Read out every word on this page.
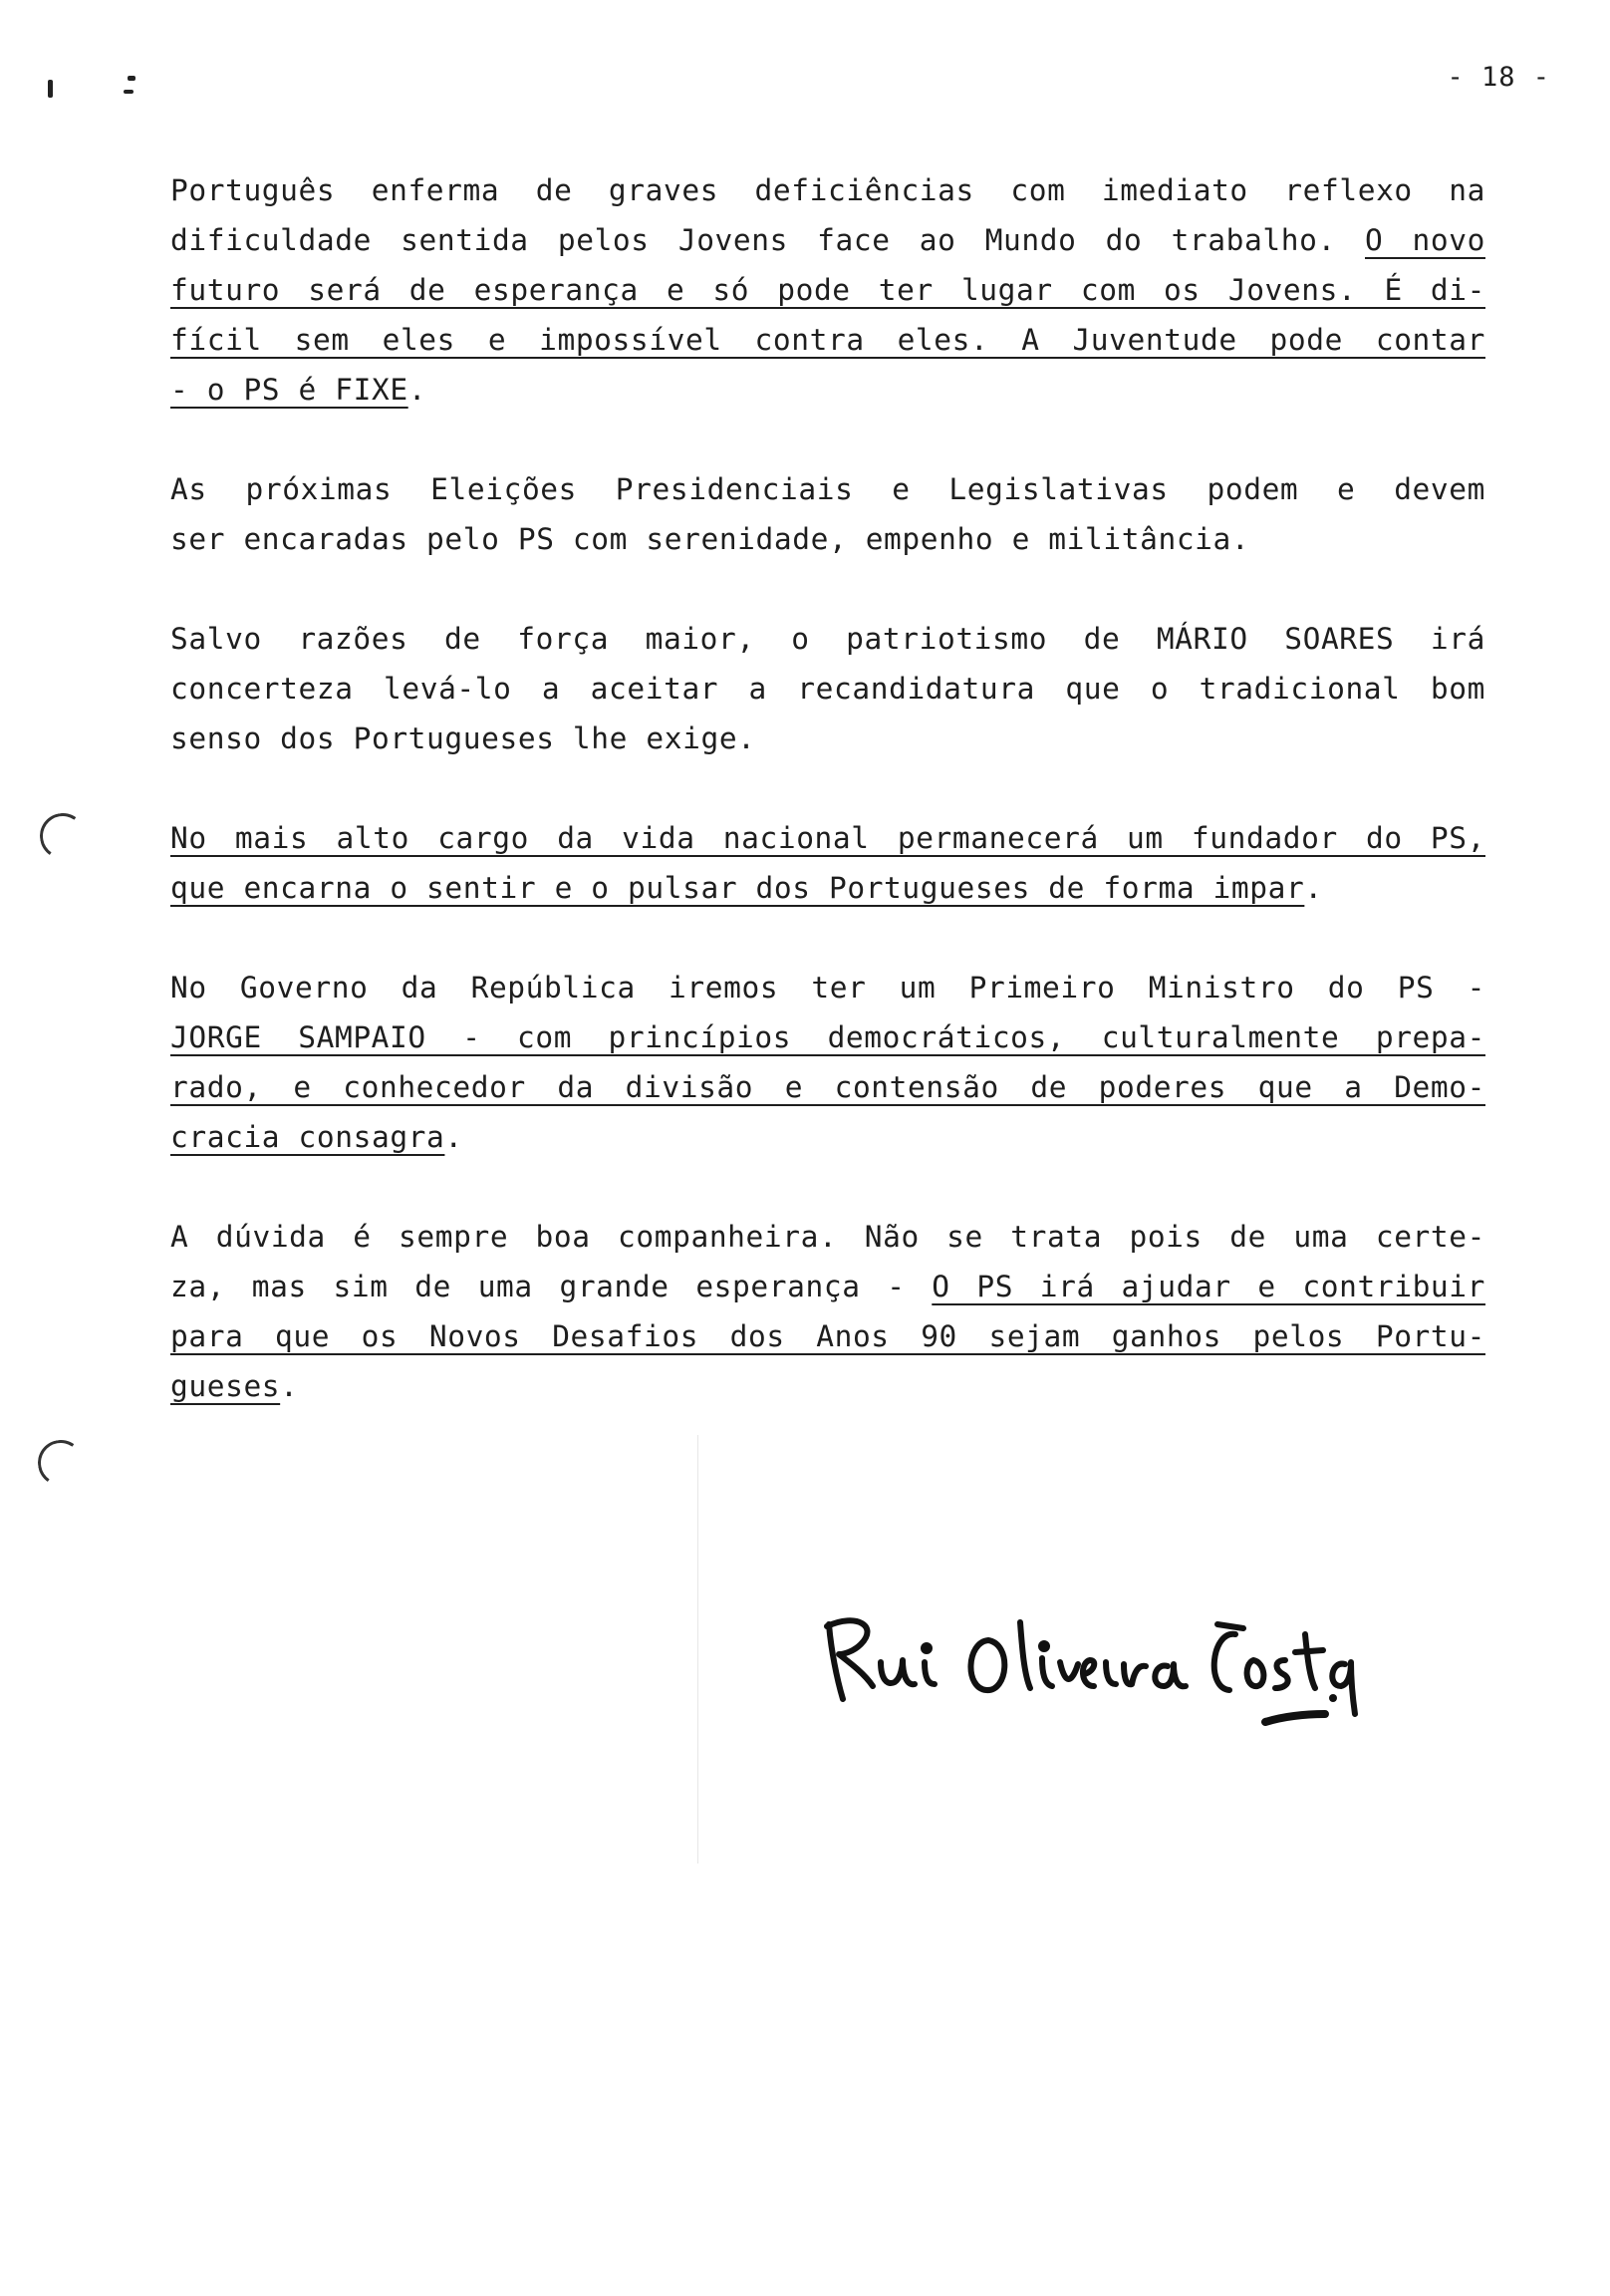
- 18 -
Português enferma de graves deficiências com imediato reflexo na
dificuldade sentida pelos Jovens face ao Mundo do trabalho. O novo
futuro será de esperança e só pode ter lugar com os Jovens. É di-
fícil sem eles e impossível contra eles. A Juventude pode contar
- o PS é FIXE.
As próximas Eleições Presidenciais e Legislativas podem e devem
ser encaradas pelo PS com serenidade, empenho e militância.
Salvo razões de força maior, o patriotismo de MÁRIO SOARES irá
concerteza levá-lo a aceitar a recandidatura que o tradicional bom
senso dos Portugueses lhe exige.
No mais alto cargo da vida nacional permanecerá um fundador do PS,
que encarna o sentir e o pulsar dos Portugueses de forma impar.
No Governo da República iremos ter um Primeiro Ministro do PS -
JORGE SAMPAIO - com princípios democráticos, culturalmente prepa-
rado, e conhecedor da divisão e contensão de poderes que a Demo-
cracia consagra.
A dúvida é sempre boa companheira. Não se trata pois de uma certe-
za, mas sim de uma grande esperança - O PS irá ajudar e contribuir
para que os Novos Desafios dos Anos 90 sejam ganhos pelos Portu-
gueses.
